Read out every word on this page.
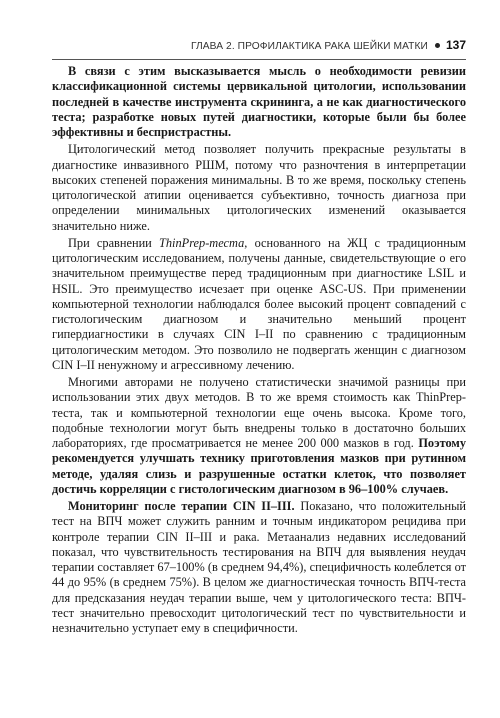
ГЛАВА 2. ПРОФИЛАКТИКА РАКА ШЕЙКИ МАТКИ 137

В связи с этим высказывается мысль о необходимости ревизии классификационной системы цервикальной цитологии, использовании последней в качестве инструмента скрининга, а не как диагностического теста; разработке новых путей диагностики, которые были бы более эффективны и беспристрастны.

Цитологический метод позволяет получить прекрасные результаты в диагностике инвазивного РШМ, потому что разночтения в интерпретации высоких степеней поражения минимальны. В то же время, поскольку степень цитологической атипии оценивается субъективно, точность диагноза при определении минимальных цитологических изменений оказывается значительно ниже.

При сравнении ThinPrep-теста, основанного на ЖЦ с традиционным цитологическим исследованием, получены данные, свидетельствующие о его значительном преимуществе перед традиционным при диагностике LSIL и HSIL. Это преимущество исчезает при оценке ASC-US. При применении компьютерной технологии наблюдался более высокий процент совпадений с гистологическим диагнозом и значительно меньший процент гипердиагностики в случаях CIN I–II по сравнению с традиционным цитологическим методом. Это позволило не подвергать женщин с диагнозом CIN I–II ненужному и агрессивному лечению.

Многими авторами не получено статистически значимой разницы при использовании этих двух методов. В то же время стоимость как ThinPrep-теста, так и компьютерной технологии еще очень высока. Кроме того, подобные технологии могут быть внедрены только в достаточно больших лабораториях, где просматривается не менее 200 000 мазков в год. Поэтому рекомендуется улучшать технику приготовления мазков при рутинном методе, удаляя слизь и разрушенные остатки клеток, что позволяет достичь корреляции с гистологическим диагнозом в 96–100% случаев.

Мониторинг после терапии CIN II–III. Показано, что положительный тест на ВПЧ может служить ранним и точным индикатором рецидива при контроле терапии CIN II–III и рака. Метаанализ недавних исследований показал, что чувствительность тестирования на ВПЧ для выявления неудач терапии составляет 67–100% (в среднем 94,4%), специфичность колеблется от 44 до 95% (в среднем 75%). В целом же диагностическая точность ВПЧ-теста для предсказания неудач терапии выше, чем у цитологического теста: ВПЧ-тест значительно превосходит цитологический тест по чувствительности и незначительно уступает ему в специфичности.
